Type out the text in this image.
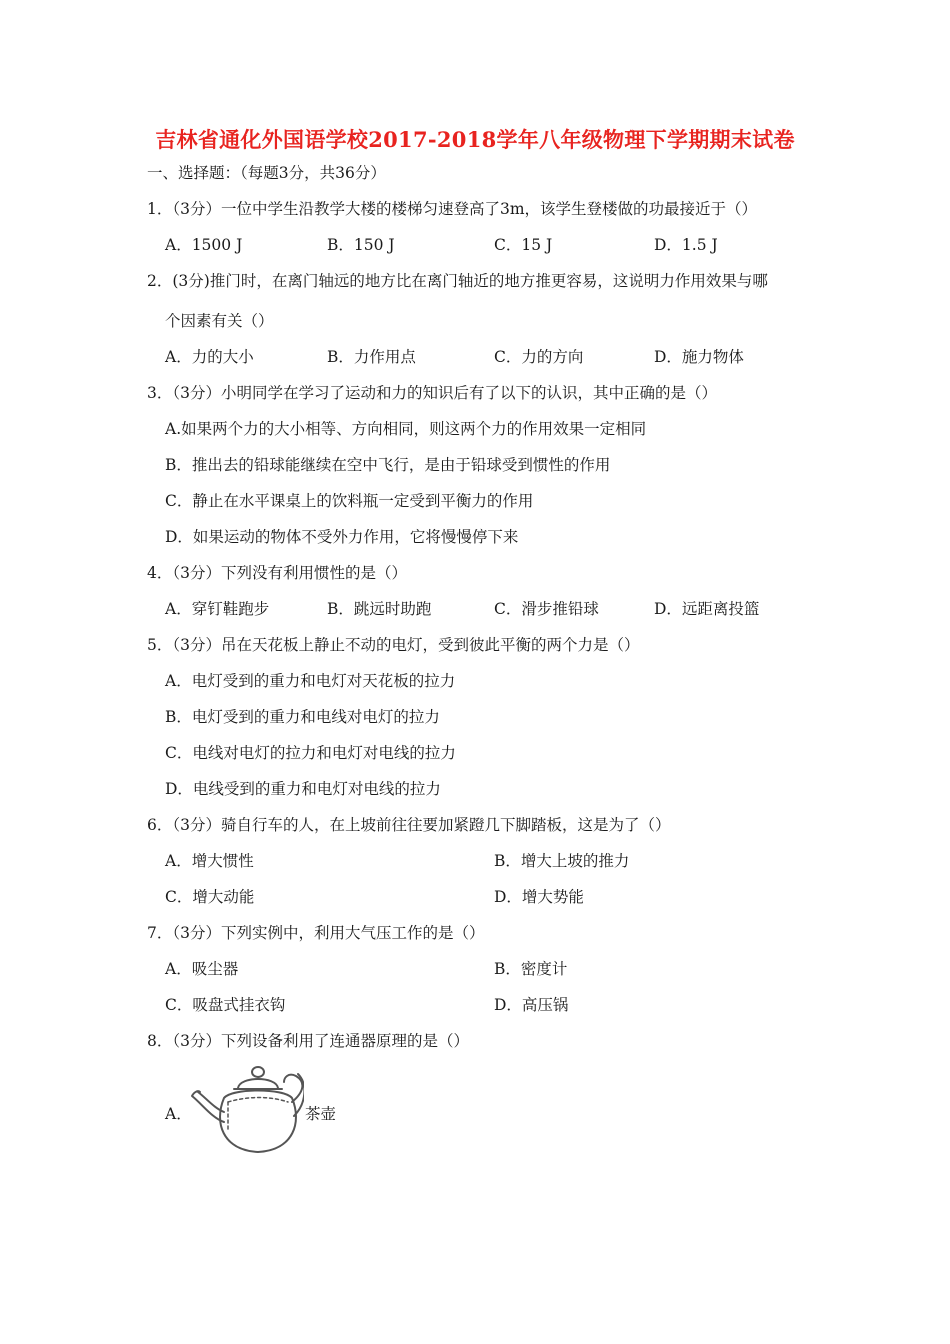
吉林省通化外国语学校2017-2018学年八年级物理下学期期末试卷
一、选择题：（每题3分，共36分）
1．（3分）一位中学生沿教学大楼的楼梯匀速登高了3m，该学生登楼做的功最接近于（）
A．1500 J	B．150 J	C．15 J	D．1.5 J
2．(3分)推门时，在离门轴远的地方比在离门轴近的地方推更容易，这说明力作用效果与哪
个因素有关（）
A．力的大小	B．力作用点	C．力的方向	D．施力物体
3．（3分）小明同学在学习了运动和力的知识后有了以下的认识，其中正确的是（）
A.如果两个力的大小相等、方向相同，则这两个力的作用效果一定相同
B．推出去的铅球能继续在空中飞行，是由于铅球受到惯性的作用
C．静止在水平课桌上的饮料瓶一定受到平衡力的作用
D．如果运动的物体不受外力作用，它将慢慢停下来
4．（3分）下列没有利用惯性的是（）
A．穿钉鞋跑步	B．跳远时助跑	C．滑步推铅球	D．远距离投篮
5．（3分）吊在天花板上静止不动的电灯，受到彼此平衡的两个力是（）
A．电灯受到的重力和电灯对天花板的拉力
B．电灯受到的重力和电线对电灯的拉力
C．电线对电灯的拉力和电灯对电线的拉力
D．电线受到的重力和电灯对电线的拉力
6．（3分）骑自行车的人，在上坡前往往要加紧蹬几下脚踏板，这是为了（）
A．增大惯性	B．增大上坡的推力
C．增大动能	D．增大势能
7．（3分）下列实例中，利用大气压工作的是（）
A．吸尘器	B．密度计
C．吸盘式挂衣钩	D．高压锅
8．（3分）下列设备利用了连通器原理的是（）
A．	茶壶
